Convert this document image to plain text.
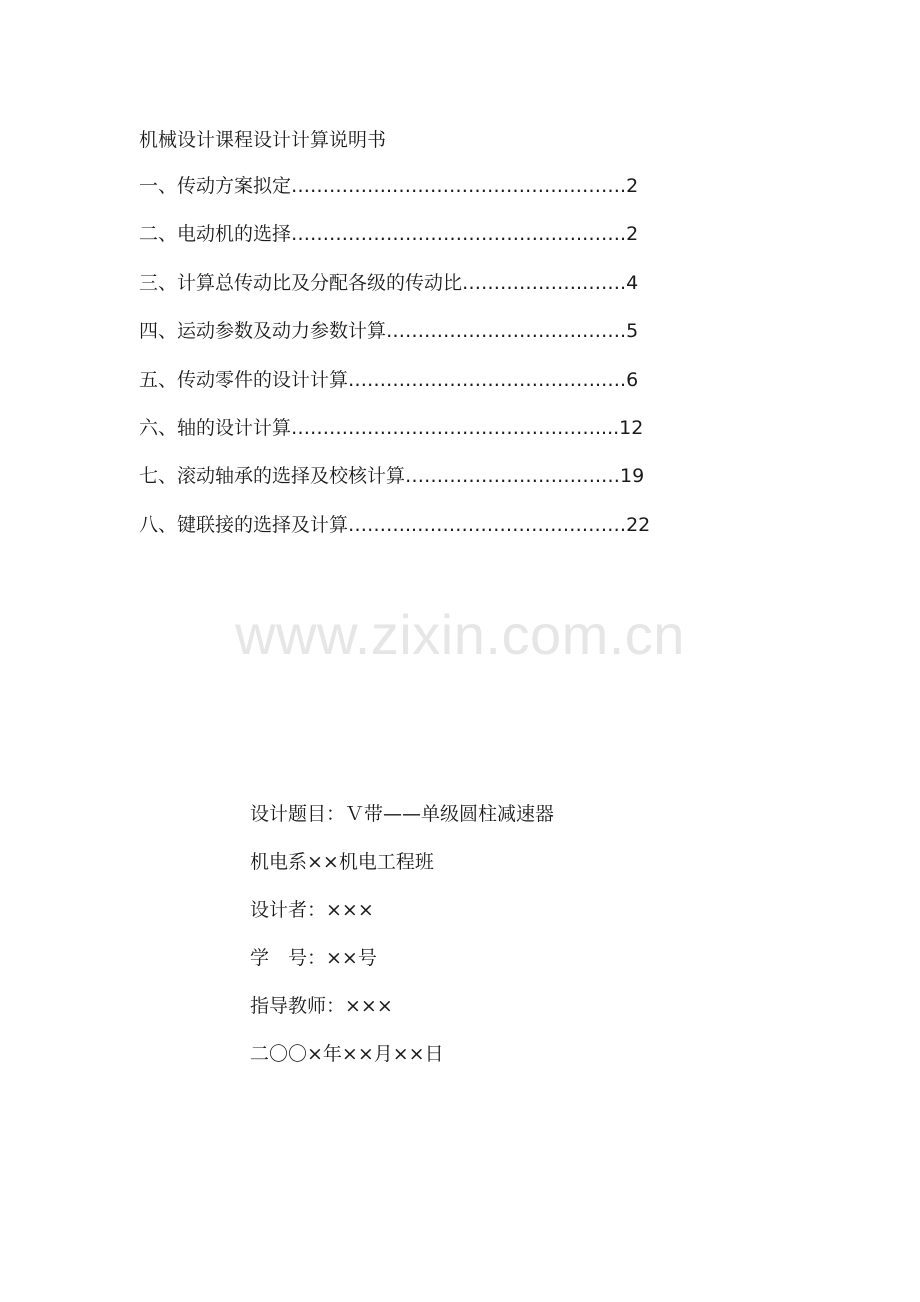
机械设计课程设计计算说明书
一、传动方案拟定…………….……………………………….2
二、电动机的选择……………………………………….…….2
三、计算总传动比及分配各级的传动比……………….…….4
四、运动参数及动力参数计算………………………….…….5
五、传动零件的设计计算………………………………….….6
六、轴的设计计算…………………………………………....12
七、滚动轴承的选择及校核计算………………………….…19
八、键联接的选择及计算………..……………………………22
www.zixin.com.cn
设计题目：Ｖ带——单级圆柱减速器
机电系××机电工程班
设计者：×××
学　号：××号
指导教师：×××
二〇〇×年××月××日
